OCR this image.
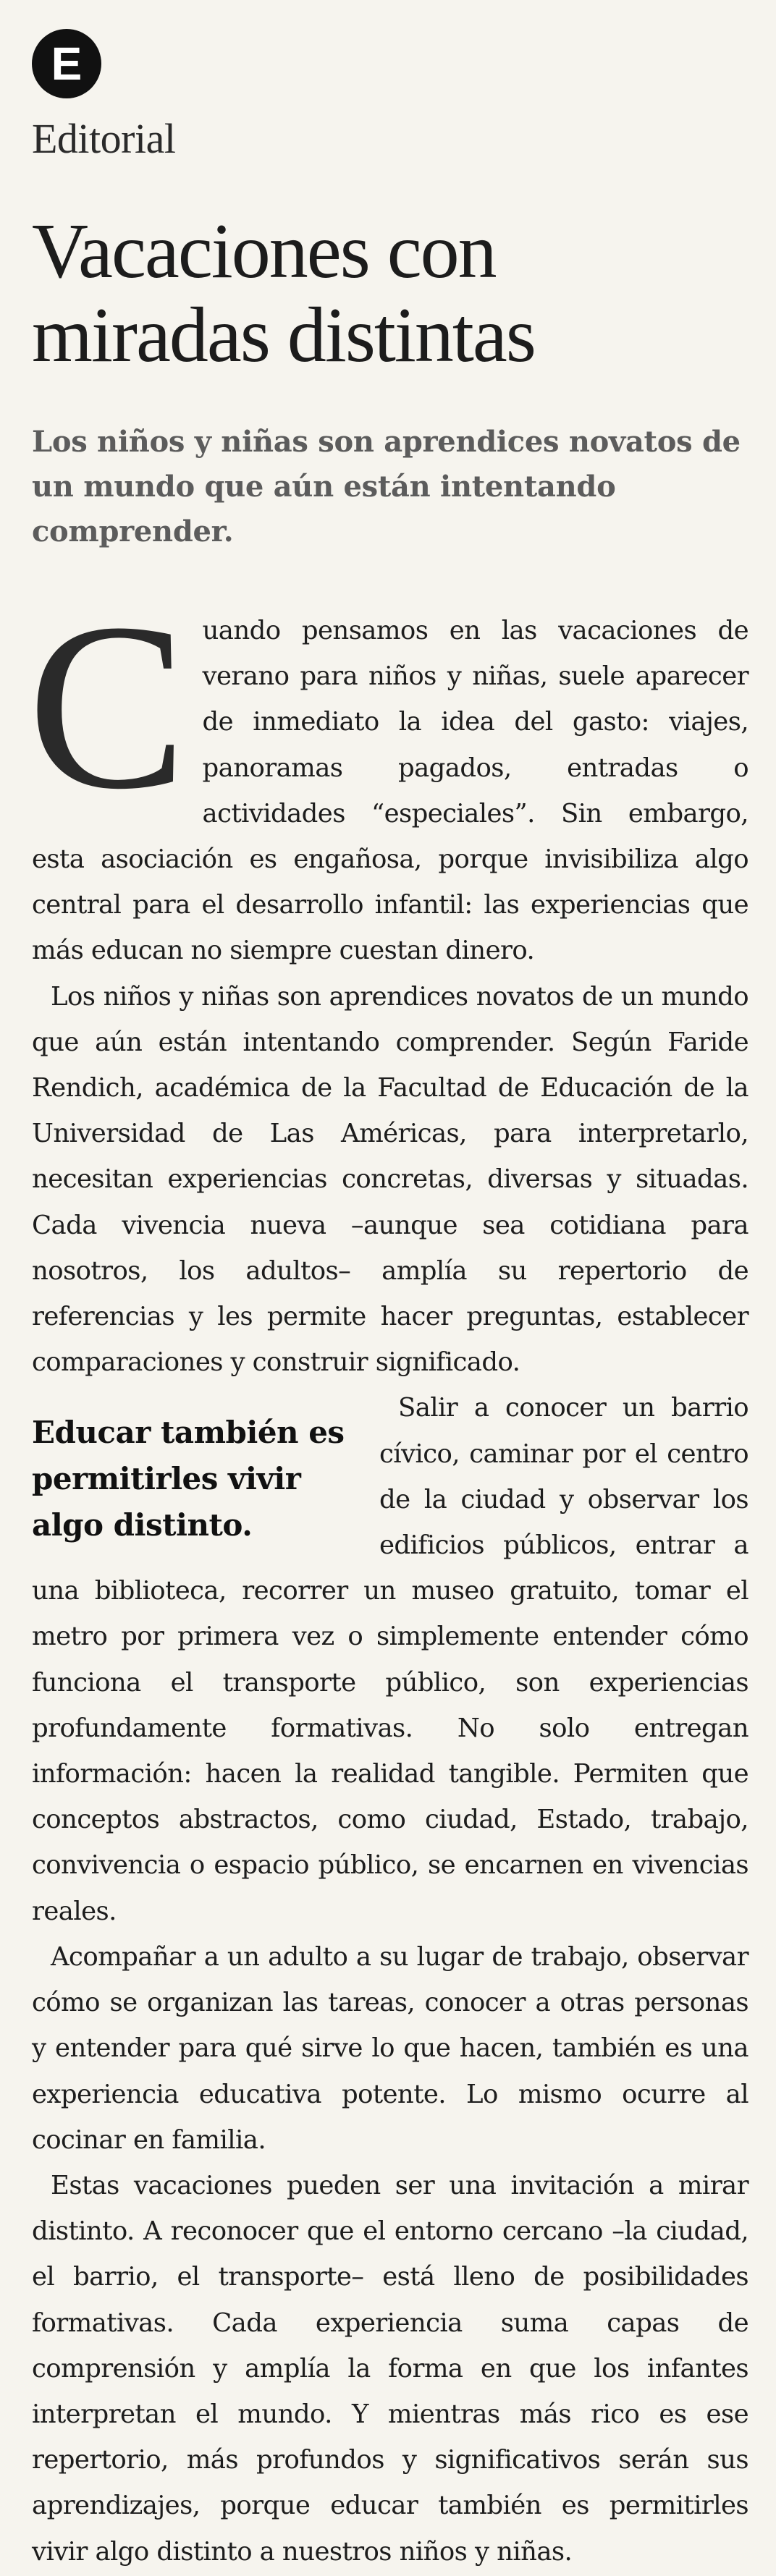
E
Editorial
Vacaciones con miradas distintas

Los niños y niñas son aprendices novatos de un mundo que aún están intentando comprender.

Cuando pensamos en las vacaciones de verano para niños y niñas, suele aparecer de inmediato la idea del gasto: viajes, panoramas pagados, entradas o actividades “especiales”. Sin embargo, esta asociación es engañosa, porque invisibiliza algo central para el desarrollo infantil: las experiencias que más educan no siempre cuestan dinero.

Los niños y niñas son aprendices novatos de un mundo que aún están intentando comprender. Según Faride Rendich, académica de la Facultad de Educación de la Universidad de Las Américas, para interpretarlo, necesitan experiencias concretas, diversas y situadas. Cada vivencia nueva –aunque sea cotidiana para nosotros, los adultos– amplía su repertorio de referencias y les permite hacer preguntas, establecer comparaciones y construir significado.

Educar también es permitirles vivir algo distinto.

Salir a conocer un barrio cívico, caminar por el centro de la ciudad y observar los edificios públicos, entrar a una biblioteca, recorrer un museo gratuito, tomar el metro por primera vez o simplemente entender cómo funciona el transporte público, son experiencias profundamente formativas. No solo entregan información: hacen la realidad tangible. Permiten que conceptos abstractos, como ciudad, Estado, trabajo, convivencia o espacio público, se encarnen en vivencias reales.

Acompañar a un adulto a su lugar de trabajo, observar cómo se organizan las tareas, conocer a otras personas y entender para qué sirve lo que hacen, también es una experiencia educativa potente. Lo mismo ocurre al cocinar en familia.

Estas vacaciones pueden ser una invitación a mirar distinto. A reconocer que el entorno cercano –la ciudad, el barrio, el transporte– está lleno de posibilidades formativas. Cada experiencia suma capas de comprensión y amplía la forma en que los infantes interpretan el mundo. Y mientras más rico es ese repertorio, más profundos y significativos serán sus aprendizajes, porque educar también es permitirles vivir algo distinto a nuestros niños y niñas.
